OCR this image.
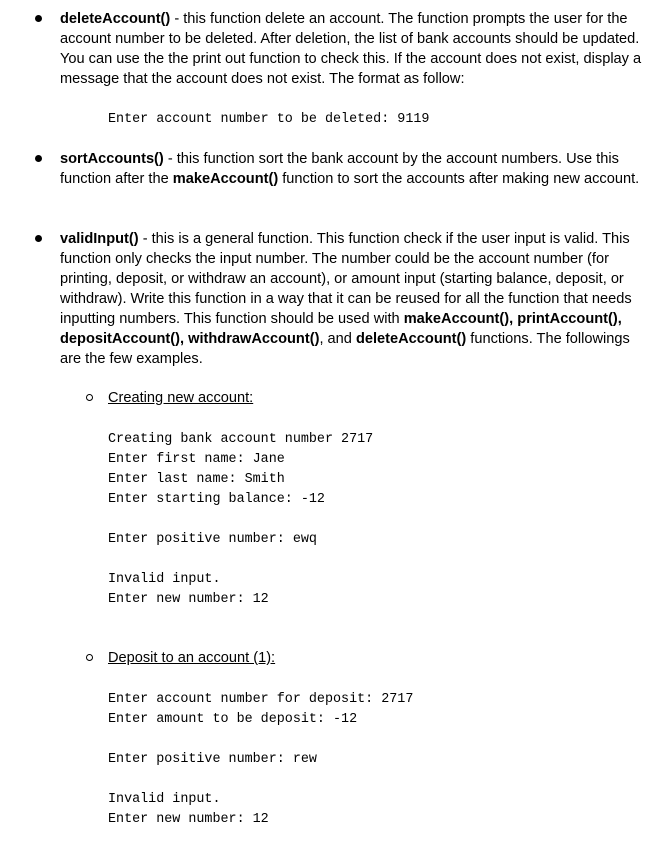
deleteAccount() - this function delete an account. The function prompts the user for the account number to be deleted. After deletion, the list of bank accounts should be updated. You can use the the print out function to check this. If the account does not exist, display a message that the account does not exist. The format as follow:

Enter account number to be deleted: 9119

sortAccounts() - this function sort the bank account by the account numbers. Use this function after the makeAccount() function to sort the accounts after making new account.

validInput() - this is a general function. This function check if the user input is valid. This function only checks the input number. The number could be the account number (for printing, deposit, or withdraw an account), or amount input (starting balance, deposit, or withdraw). Write this function in a way that it can be reused for all the function that needs inputting numbers. This function should be used with makeAccount(), printAccount(), depositAccount(), withdrawAccount(), and deleteAccount() functions. The followings are the few examples.

Creating new account:
Creating bank account number 2717
Enter first name: Jane
Enter last name: Smith
Enter starting balance: -12
Enter positive number: ewq
Invalid input.
Enter new number: 12
Deposit to an account (1):
Enter account number for deposit: 2717
Enter amount to be deposit: -12
Enter positive number: rew
Invalid input.
Enter new number: 12
